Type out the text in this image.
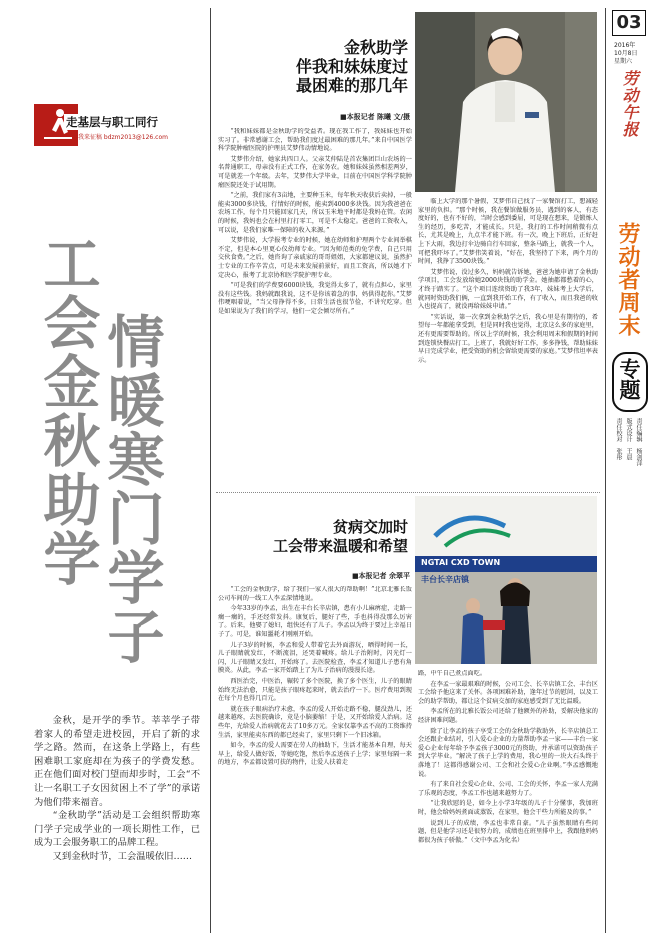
走基层与职工同行
我来征稿 bdzm2013@126.com
情暖寒门学子
工会金秋助学

金秋，是开学的季节。莘莘学子带着家人的希望走进校园，开启了新的求学之路。然而，在这条上学路上，有些困难职工家庭却在为孩子的学费发愁。正在他们面对校门望而却步时，工会“不让一名职工子女因贫困上不了学”的承诺为他们带来福音。

“金秋助学”活动是工会组织帮助寒门学子完成学业的一项长期性工作，已成为工会服务职工的品牌工程。

又到金秋时节，工会温暖依旧……

金秋助学
伴我和妹妹度过
最困难的那几年
■本报记者 陈曦 文/摄

“我和妹妹都是金秋助学的受益者。现在我工作了，我妹妹也开始实习了。非常感谢工会，帮助我们度过最困难的那几年。”来自中国医学科学院肿瘤医院的护理员艾梦伟动情地说。

艾梦伟介绍，她家共四口人。父亲艾仲陆是首农集团巨山农场的一名普通职工，母亲没有正式工作，在家务农。她和妹妹虽然相差两岁，可是就差一个年级。去年，艾梦伟大学毕业，目前在中国医学科学院肿瘤医院还处于试用期。

“之前，我们家有3亩地，主要种玉米，每年秋天收获后卖掉，一般能卖3000多块钱，行情好的时候，能卖到4000多块钱。因为我爸爸在农场工作，每个月只能回家几天，所以玉米地平时都是我妈在管。农闲的时候，我妈也会在村里打打零工，可是不太稳定。爸爸的工资收入，可以说，是我们家唯一保障的收入来源。”

艾梦伟说，大学报考专业的时候，她在幼师和护理两个专业间举棋不定，但是本心里更心仪幼师专业。“因为师范类的免学费，自己只用交伙食费。”之后，她咨询了亲戚家的哥哥姐姐，大家都建议说，虽然护士专业的工作辛苦点，可是未来发展前景好，而且工资高，所以她才下定决心，报考了北京协和医学院护理专业。

“可是我们的学费要6000块钱，我觉得太多了，就有点担心，家里没有这些钱。我妈就跟我说，这不是你该着急的事，妈供得起你。”艾梦伟哽咽着说，“当父母挣得不多，日常生活也很节俭，不讲究吃穿。但是如果说为了我们的学习，他们一定会倾尽所有。”

临上大学的那个暑假，艾梦伟自己找了一家餐馆打工，想减轻家里的负担。“那个时候，我在餐馆做服务员，遇到的客人，有态度好的，也有不好的，当时会感到委屈，可是现在想来，是锻炼人生的经历，多吃苦，才能成长。只是，我打的工作时间稍微有点长，尤其是晚上，九点半才能下班。有一次，晚上下班后，正好赶上下大雨，我边打伞边骑自行车回家，整条马路上，就我一个人，可把我吓坏了。”艾梦伟笑着说，“好在，我坚持了下来，两个月的时间，我挣了3500块钱。”

艾梦伟说，没过多久，妈妈就告诉她，爸爸为她申请了金秋助学项目，工会发放给她2000块钱的助学金。她抽都都愁着的心，才终于踏实了。“这个项目连续资助了我3年，妹妹考上大学后，就同时资助我们俩，一直到我开始工作，有了收入，而且我爸的收入也提高了，就没再给妹妹申请。”

“实话说，第一次拿到金秋助学之后，我心里是有期待的，希望每一年都能拿受到，但是同时我也觉得，北京这么多的家庭里，还有更需要帮助的。所以上学的时候，我会利用周末和假期的时间到连锁快餐店打工。上班了，我就好好工作，多多挣钱，帮助妹妹早日完成学业，把受资助的机会留给更需要的家庭。”艾梦伟坦率表示。

贫病交加时
工会带来温暖和希望
■本报记者 余翠平
NGTAI CXD TOWN
丰台长辛店镇

“工会的金秋助学，给了我们一家人很大的帮助啊！”北京北雅长饭公司车间的一线工人李孟深情地说。

今年33岁的李孟，出生在丰台长辛店镇，患有小儿麻痹症，走路一瘸一瘸的，手还经常发抖。康复后，腿好了些，手也抖得没那么厉害了。后来，他娶了媳妇，组快还有了儿子。李孟以为终于要过上幸福日子了。可是，谁知噩耗才刚刚开始。

儿子3岁的时候，李孟和爱人带着它去外面游玩，晒得时间一长，儿子眼睛就发红，不断流泪，还哭着喊疼。给儿子治附时，闪光灯一闪，儿子眼睛又发红，开始疼了。去医院检查，李孟才知道儿子患有角膜炎。从此，李孟一家开始踏上了为儿子治病的漫漫长途。

西医治完，中医治，辗转了多个医院，换了多个医生，儿子的眼睛始终无法治愈，只能是孩子眼疼起来时，就去治疗一下。医疗费用到现在每个月也得几百元。

就在孩子眼病治疗未愈，李孟的爱人开始走路不稳，腿没劲儿，还越来越疼，去医院确诊，竟是小脑萎缩！于是，又开始给爱人治病。这些年，光给爱人治病就花去了10多万元。全家仅靠李孟不高的工资维持生活，家里能卖东西的都已经卖了，家里只剩下一个旧冰箱。

如今，李孟的爱人需要在劳人的抽助下，生活才能基本自理，每天早上，给爱人做好饭，等她吃饱，然后李孟送孩子上学；家里每隔一来的地方，李孟都设置可扶的物件，让爱人扶着走

路，中午自己煮点面吃。

在李孟一家最艰难的时候，公司工会、长辛店镇工会、丰台区工会给予他这来了关怀。各项困难补助，逢年过节的慰问，以及工会的助学帮助，都让这个贫病交加的家庭感受到了无比温暖。

李孟所在的北雅长饭公司还给了他额外的补助，妥解决他家的经济困难问题。

除了让李孟的孩子享受工会的金秋助学救助外，长辛店镇总工会还跟企业结对，引入爱心企业的力量帮助李孟一家——丰台一家爱心企业每年给予李孟孩子3000元的资助，并承诺可以资助孩子到大学毕业。“解决了孩子上学的费用，我心里的一块大石头终于落地了！这都得感谢公司、工会和社会爱心企业啊。”李孟感慨地说。

有了来自社会爱心企业、公司、工会的关怀，李孟一家人充满了乐观的态度，李孟工作也越来越努力了。

“让我欣慰的是，如今上小学3年级的儿子十分懂事，我加班时，他会给妈妈煮面或蒸饭，在家里，他会干些力所能及的事。”

说到儿子的成绩，李孟也非常自豪。“儿子虽然眼睛有些问题，但是他学习还是很努力的，成绩也在班里排中上，我跟他妈妈都很为孩子骄傲。”（文中李孟为化名）

03
2016年
10月8日
星期六
劳动午报
劳动者周末
专题
责任编辑 杨剑萍
版式设计 王晨
责任校对 张彤
